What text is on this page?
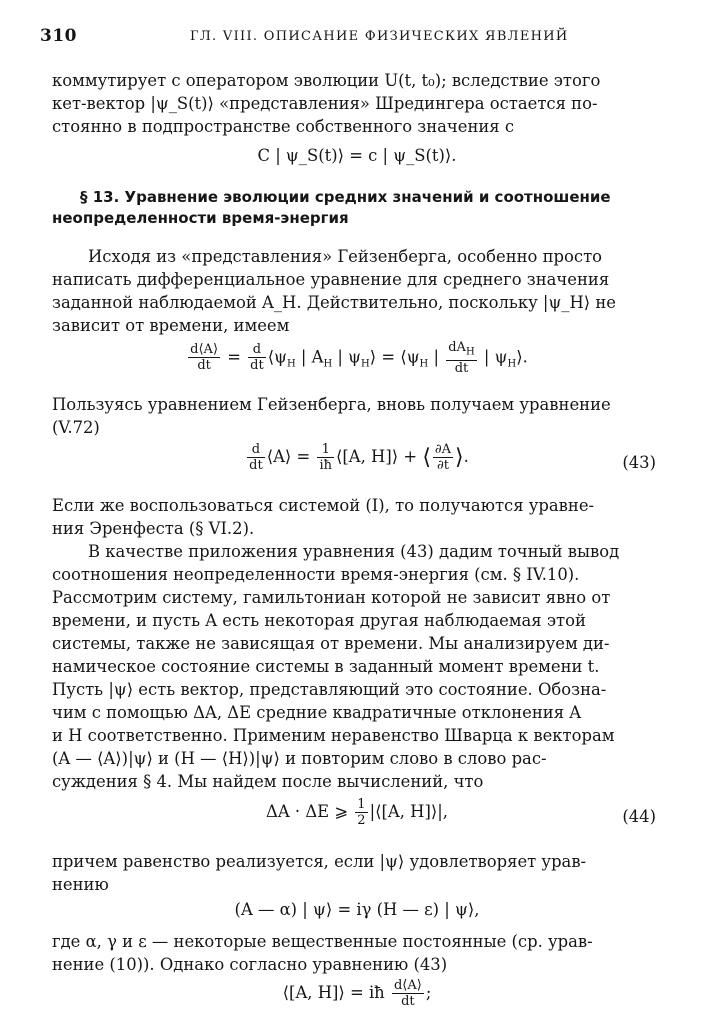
310	ГЛ. VIII. ОПИСАНИЕ ФИЗИЧЕСКИХ ЯВЛЕНИЙ
коммутирует с оператором эволюции U(t, t₀); вследствие этого
кет-вектор |ψ_S(t)⟩ «представления» Шредингера остается по-
стоянно в подпространстве собственного значения c
C | ψ_S(t)⟩ = c | ψ_S(t)⟩.
§ 13. Уравнение эволюции средних значений и соотношение
неопределенности время-энергия
Исходя из «представления» Гейзенберга, особенно просто
написать дифференциальное уравнение для среднего значения
заданной наблюдаемой A_H. Действительно, поскольку |ψ_H⟩ не
зависит от времени, имеем
$\frac{d⟨A⟩}{dt} = \frac{d}{dt}$ $⟨\psi_H$ | $A_H$ | $\psi_H⟩$ = $⟨\psi_H$ | $\frac{dA_H}{dt}$ | $\psi_H⟩$.
Пользуясь уравнением Гейзенберга, вновь получаем уравнение
(V.72)
$\frac{d}{dt}$ ⟨A⟩ = $\frac{1}{iħ}$ ⟨[A, H]⟩ + ⟨ $\frac{\partial A}{\partial t}$ ⟩.	(43)
Если же воспользоваться системой (I), то получаются уравне-
ния Эренфеста (§ VI.2).
В качестве приложения уравнения (43) дадим точный вывод
соотношения неопределенности время-энергия (см. § IV.10).
Рассмотрим систему, гамильтониан которой не зависит явно от
времени, и пусть A есть некоторая другая наблюдаемая этой
системы, также не зависящая от времени. Мы анализируем ди-
намическое состояние системы в заданный момент времени t.
Пусть |ψ⟩ есть вектор, представляющий это состояние. Обозна-
чим с помощью ΔA, ΔE средние квадратичные отклонения A
и H соответственно. Применим неравенство Шварца к векторам
(A — ⟨A⟩)|ψ⟩ и (H — ⟨H⟩)|ψ⟩ и повторим слово в слово рас-
суждения § 4. Мы найдем после вычислений, что
ΔA · ΔE ⩾ $\frac{1}{2}$ |⟨[A, H]⟩|,	(44)
причем равенство реализуется, если |ψ⟩ удовлетворяет урав-
нению
(A — α) | ψ⟩ = iγ (H — ε) | ψ⟩,
где α, γ и ε — некоторые вещественные постоянные (ср. урав-
нение (10)). Однако согласно уравнению (43)
⟨[A, H]⟩ = iħ $\frac{d⟨A⟩}{dt}$ ;
